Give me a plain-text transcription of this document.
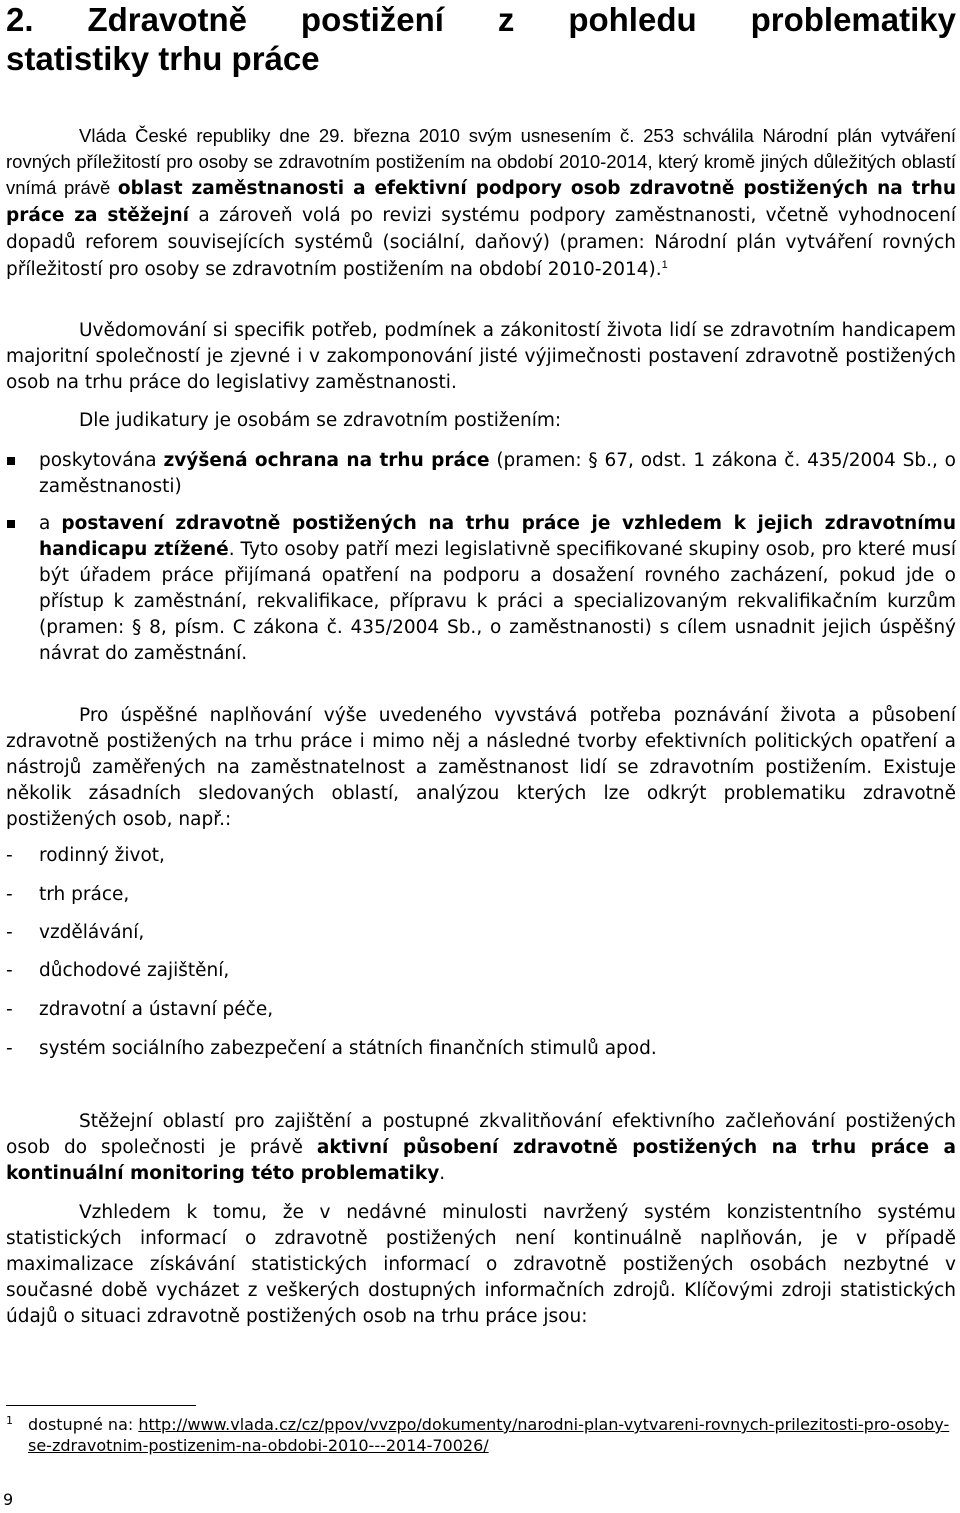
2. Zdravotně postižení z pohledu problematiky
statistiky trhu práce

Vláda České republiky dne 29. března 2010 svým usnesením č. 253 schválila Národní plán vytváření rovných příležitostí pro osoby se zdravotním postižením na období 2010-2014, který kromě jiných důležitých oblastí vnímá právě oblast zaměstnanosti a efektivní podpory osob zdravotně postižených na trhu práce za stěžejní a zároveň volá po revizi systému podpory zaměstnanosti, včetně vyhodnocení dopadů reforem souvisejících systémů (sociální, daňový) (pramen: Národní plán vytváření rovných příležitostí pro osoby se zdravotním postižením na období 2010-2014).$^1$

Uvědomování si specifik potřeb, podmínek a zákonitostí života lidí se zdravotním handicapem majoritní společností je zjevné i v zakomponování jisté výjimečnosti postavení zdravotně postižených osob na trhu práce do legislativy zaměstnanosti.

Dle judikatury je osobám se zdravotním postižením:

poskytována zvýšená ochrana na trhu práce (pramen: § 67, odst. 1 zákona č. 435/2004 Sb., o zaměstnanosti)
a postavení zdravotně postižených na trhu práce je vzhledem k jejich zdravotnímu handicapu ztížené. Tyto osoby patří mezi legislativně specifikované skupiny osob, pro které musí být úřadem práce přijímaná opatření na podporu a dosažení rovného zacházení, pokud jde o přístup k zaměstnání, rekvalifikace, přípravu k práci a specializovaným rekvalifikačním kurzům (pramen: § 8, písm. C zákona č. 435/2004 Sb., o zaměstnanosti) s cílem usnadnit jejich úspěšný návrat do zaměstnání.

Pro úspěšné naplňování výše uvedeného vyvstává potřeba poznávání života a působení zdravotně postižených na trhu práce i mimo něj a následné tvorby efektivních politických opatření a nástrojů zaměřených na zaměstnatelnost a zaměstnanost lidí se zdravotním postižením. Existuje několik zásadních sledovaných oblastí, analýzou kterých lze odkrýt problematiku zdravotně postižených osob, např.:

- rodinný život,
- trh práce,
- vzdělávání,
- důchodové zajištění,
- zdravotní a ústavní péče,
- systém sociálního zabezpečení a státních finančních stimulů apod.

Stěžejní oblastí pro zajištění a postupné zkvalitňování efektivního začleňování postižených osob do společnosti je právě aktivní působení zdravotně postižených na trhu práce a kontinuální monitoring této problematiky.

Vzhledem k tomu, že v nedávné minulosti navržený systém konzistentního systému statistických informací o zdravotně postižených není kontinuálně naplňován, je v případě maximalizace získávání statistických informací o zdravotně postižených osobách nezbytné v současné době vycházet z veškerých dostupných informačních zdrojů. Klíčovými zdroji statistických údajů o situaci zdravotně postižených osob na trhu práce jsou:

1 dostupné na: http://www.vlada.cz/cz/ppov/vvzpo/dokumenty/narodni-plan-vytvareni-rovnych-prilezitosti-pro-osoby-se-zdravotnim-postizenim-na-obdobi-2010---2014-70026/
9
